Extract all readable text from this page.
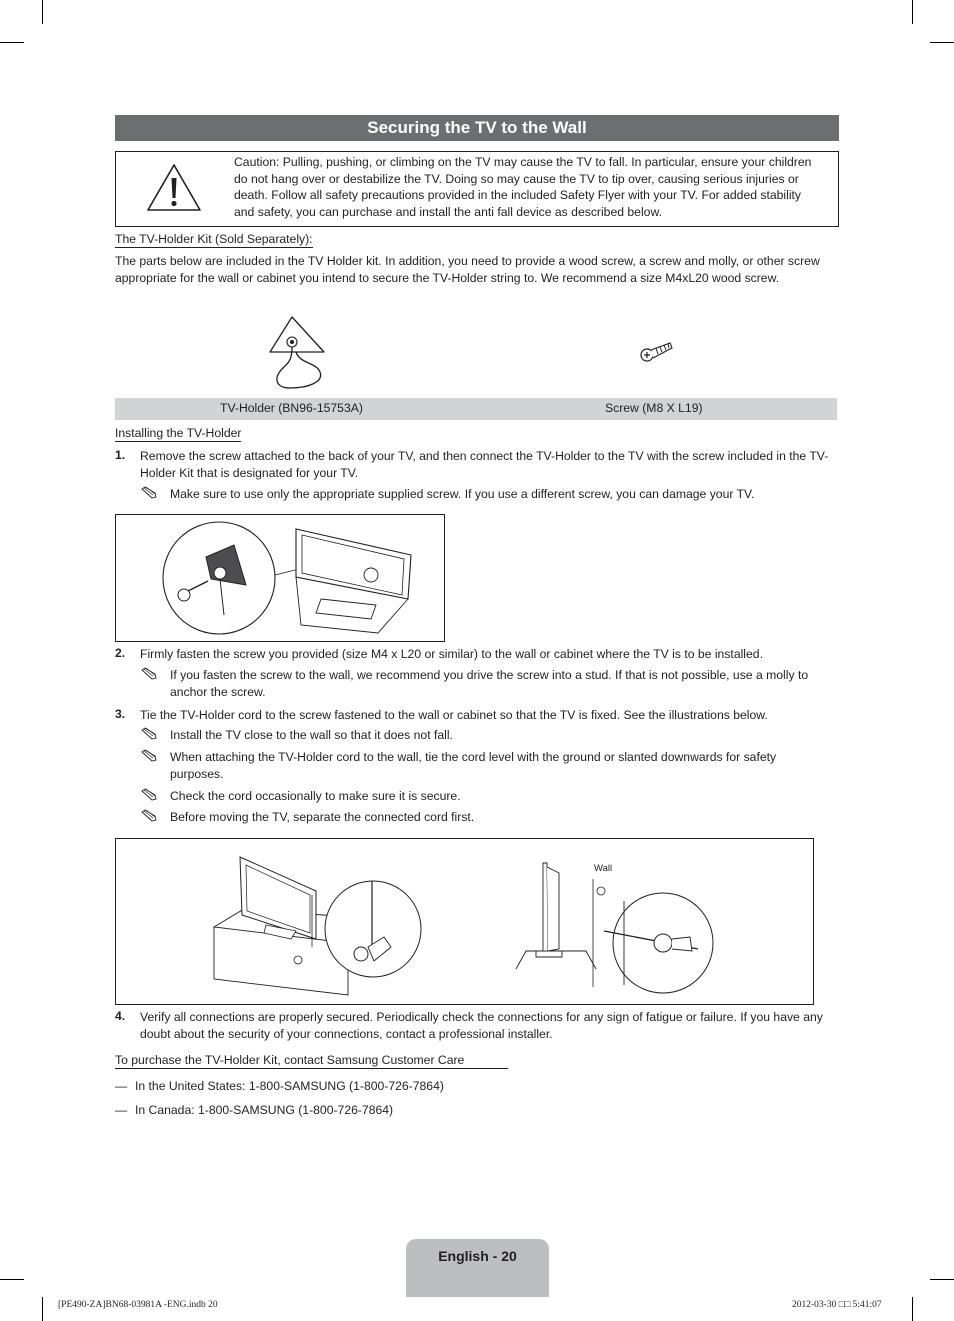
Securing the TV to the Wall
Caution: Pulling, pushing, or climbing on the TV may cause the TV to fall. In particular, ensure your children do not hang over or destabilize the TV. Doing so may cause the TV to tip over, causing serious injuries or death. Follow all safety precautions provided in the included Safety Flyer with your TV. For added stability and safety, you can purchase and install the anti fall device as described below.
The TV-Holder Kit (Sold Separately):
The parts below are included in the TV Holder kit. In addition, you need to provide a wood screw, a screw and molly, or other screw appropriate for the wall or cabinet you intend to secure the TV-Holder string to. We recommend a size M4xL20 wood screw.
TV-Holder (BN96-15753A)	Screw (M8 X L19)
Installing the TV-Holder
1. Remove the screw attached to the back of your TV, and then connect the TV-Holder to the TV with the screw included in the TV-Holder Kit that is designated for your TV.
Make sure to use only the appropriate supplied screw. If you use a different screw, you can damage your TV.
2. Firmly fasten the screw you provided (size M4 x L20 or similar) to the wall or cabinet where the TV is to be installed.
If you fasten the screw to the wall, we recommend you drive the screw into a stud. If that is not possible, use a molly to anchor the screw.
3. Tie the TV-Holder cord to the screw fastened to the wall or cabinet so that the TV is fixed. See the illustrations below.
Install the TV close to the wall so that it does not fall.
When attaching the TV-Holder cord to the wall, tie the cord level with the ground or slanted downwards for safety purposes.
Check the cord occasionally to make sure it is secure.
Before moving the TV, separate the connected cord first.
Wall
4. Verify all connections are properly secured. Periodically check the connections for any sign of fatigue or failure. If you have any doubt about the security of your connections, contact a professional installer.
To purchase the TV-Holder Kit, contact Samsung Customer Care
— In the United States: 1-800-SAMSUNG (1-800-726-7864)
— In Canada: 1-800-SAMSUNG (1-800-726-7864)
English - 20
[PE490-ZA]BN68-03981A -ENG.indb 20	2012-03-30 □□ 5:41:07
